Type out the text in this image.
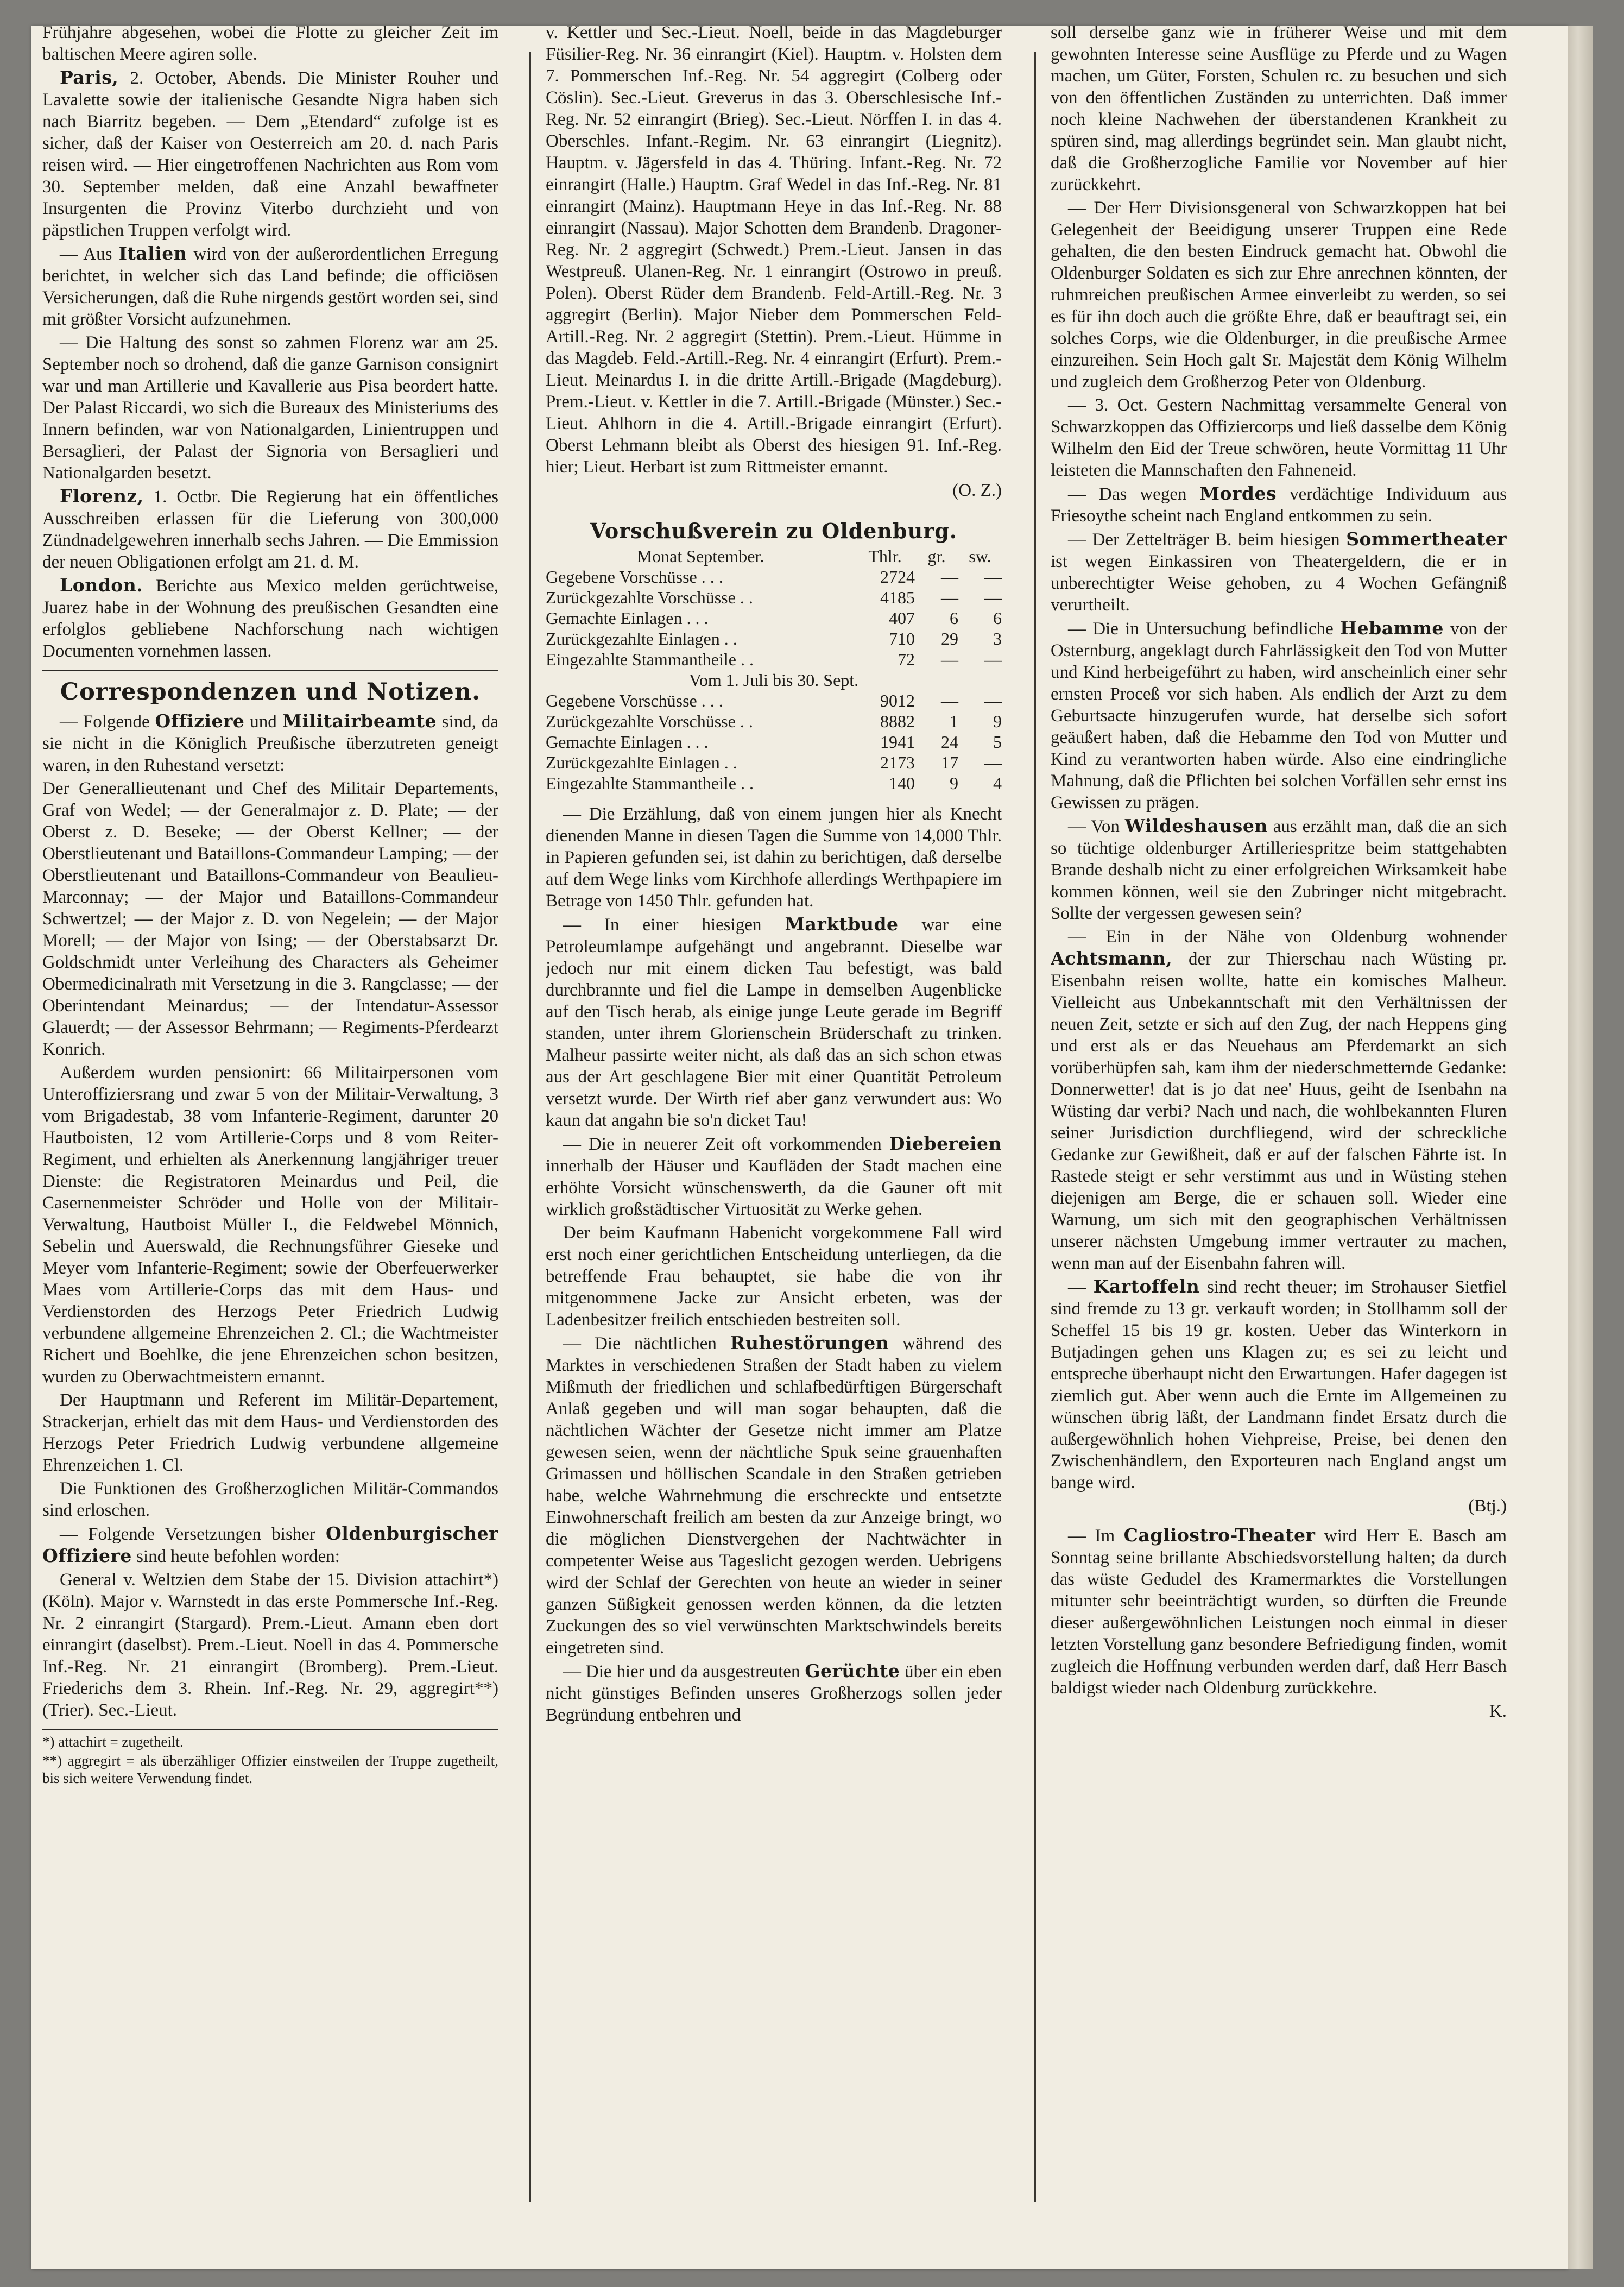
Frühjahre abgesehen, wobei die Flotte zu gleicher Zeit im baltischen Meere agiren solle.

Paris, 2. October, Abends. Die Minister Rouher und Lavalette sowie der italienische Gesandte Nigra haben sich nach Biarritz begeben. — Dem „Etendard“ zufolge ist es sicher, daß der Kaiser von Oesterreich am 20. d. nach Paris reisen wird. — Hier eingetroffenen Nachrichten aus Rom vom 30. September melden, daß eine Anzahl bewaffneter Insurgenten die Provinz Viterbo durchzieht und von päpstlichen Truppen verfolgt wird.

— Aus Italien wird von der außerordentlichen Erregung berichtet, in welcher sich das Land befinde; die officiösen Versicherungen, daß die Ruhe nirgends gestört worden sei, sind mit größter Vorsicht aufzunehmen.

— Die Haltung des sonst so zahmen Florenz war am 25. September noch so drohend, daß die ganze Garnison consignirt war und man Artillerie und Kavallerie aus Pisa beordert hatte. Der Palast Riccardi, wo sich die Bureaux des Ministeriums des Innern befinden, war von Nationalgarden, Linientruppen und Bersaglieri, der Palast der Signoria von Bersaglieri und Nationalgarden besetzt.

Florenz, 1. Octbr. Die Regierung hat ein öffentliches Ausschreiben erlassen für die Lieferung von 300,000 Zündnadelgewehren innerhalb sechs Jahren. — Die Emmission der neuen Obligationen erfolgt am 21. d. M.

London. Berichte aus Mexico melden gerüchtweise, Juarez habe in der Wohnung des preußischen Gesandten eine erfolglos gebliebene Nachforschung nach wichtigen Documenten vornehmen lassen.

Correspondenzen und Notizen.

— Folgende Offiziere und Militairbeamte sind, da sie nicht in die Königlich Preußische überzutreten geneigt waren, in den Ruhestand versetzt:

Der Generallieutenant und Chef des Militair Departements, Graf von Wedel; — der Generalmajor z. D. Plate; — der Oberst z. D. Beseke; — der Oberst Kellner; — der Oberstlieutenant und Bataillons-Commandeur Lamping; — der Oberstlieutenant und Bataillons-Commandeur von Beaulieu-Marconnay; — der Major und Bataillons-Commandeur Schwertzel; — der Major z. D. von Negelein; — der Major Morell; — der Major von Ising; — der Oberstabsarzt Dr. Goldschmidt unter Verleihung des Characters als Geheimer Obermedicinalrath mit Versetzung in die 3. Rangclasse; — der Oberintendant Meinardus; — der Intendatur-Assessor Glauerdt; — der Assessor Behrmann; — Regiments-Pferdearzt Konrich.

Außerdem wurden pensionirt: 66 Militairpersonen vom Unteroffiziersrang und zwar 5 von der Militair-Verwaltung, 3 vom Brigadestab, 38 vom Infanterie-Regiment, darunter 20 Hautboisten, 12 vom Artillerie-Corps und 8 vom Reiter-Regiment, und erhielten als Anerkennung langjähriger treuer Dienste: die Registratoren Meinardus und Peil, die Casernenmeister Schröder und Holle von der Militair-Verwaltung, Hautboist Müller I., die Feldwebel Mönnich, Sebelin und Auerswald, die Rechnungsführer Gieseke und Meyer vom Infanterie-Regiment; sowie der Oberfeuerwerker Maes vom Artillerie-Corps das mit dem Haus- und Verdienstorden des Herzogs Peter Friedrich Ludwig verbundene allgemeine Ehrenzeichen 2. Cl.; die Wachtmeister Richert und Boehlke, die jene Ehrenzeichen schon besitzen, wurden zu Oberwachtmeistern ernannt.

Der Hauptmann und Referent im Militär-Departement, Strackerjan, erhielt das mit dem Haus- und Verdienstorden des Herzogs Peter Friedrich Ludwig verbundene allgemeine Ehrenzeichen 1. Cl.

Die Funktionen des Großherzoglichen Militär-Commandos sind erloschen.

— Folgende Versetzungen bisher Oldenburgischer Offiziere sind heute befohlen worden:

General v. Weltzien dem Stabe der 15. Division attachirt*) (Köln). Major v. Warnstedt in das erste Pommersche Inf.-Reg. Nr. 2 einrangirt (Stargard). Prem.-Lieut. Amann eben dort einrangirt (daselbst). Prem.-Lieut. Noell in das 4. Pommersche Inf.-Reg. Nr. 21 einrangirt (Bromberg). Prem.-Lieut. Friederichs dem 3. Rhein. Inf.-Reg. Nr. 29, aggregirt**) (Trier). Sec.-Lieut.

*) attachirt = zugetheilt.

**) aggregirt = als überzähliger Offizier einstweilen der Truppe zugetheilt, bis sich weitere Verwendung findet.

v. Kettler und Sec.-Lieut. Noell, beide in das Magdeburger Füsilier-Reg. Nr. 36 einrangirt (Kiel). Hauptm. v. Holsten dem 7. Pommerschen Inf.-Reg. Nr. 54 aggregirt (Colberg oder Cöslin). Sec.-Lieut. Greverus in das 3. Oberschlesische Inf.-Reg. Nr. 52 einrangirt (Brieg). Sec.-Lieut. Nörffen I. in das 4. Oberschles. Infant.-Regim. Nr. 63 einrangirt (Liegnitz). Hauptm. v. Jägersfeld in das 4. Thüring. Infant.-Reg. Nr. 72 einrangirt (Halle.) Hauptm. Graf Wedel in das Inf.-Reg. Nr. 81 einrangirt (Mainz). Hauptmann Heye in das Inf.-Reg. Nr. 88 einrangirt (Nassau). Major Schotten dem Brandenb. Dragoner-Reg. Nr. 2 aggregirt (Schwedt.) Prem.-Lieut. Jansen in das Westpreuß. Ulanen-Reg. Nr. 1 einrangirt (Ostrowo in preuß. Polen). Oberst Rüder dem Brandenb. Feld-Artill.-Reg. Nr. 3 aggregirt (Berlin). Major Nieber dem Pommerschen Feld-Artill.-Reg. Nr. 2 aggregirt (Stettin). Prem.-Lieut. Hümme in das Magdeb. Feld.-Artill.-Reg. Nr. 4 einrangirt (Erfurt). Prem.-Lieut. Meinardus I. in die dritte Artill.-Brigade (Magdeburg). Prem.-Lieut. v. Kettler in die 7. Artill.-Brigade (Münster.) Sec.-Lieut. Ahlhorn in die 4. Artill.-Brigade einrangirt (Erfurt). Oberst Lehmann bleibt als Oberst des hiesigen 91. Inf.-Reg. hier; Lieut. Herbart ist zum Rittmeister ernannt.

(O. Z.)

Vorschußverein zu Oldenburg.
Monat September.	Thlr.	gr.	sw.
Gegebene Vorschüsse . . .	2724	—	—
Zurückgezahlte Vorschüsse . .	4185	—	—
Gemachte Einlagen . . .	407	6	6
Zurückgezahlte Einlagen . .	710	29	3
Eingezahlte Stammantheile . .	72	—	—
Vom 1. Juli bis 30. Sept.			
Gegebene Vorschüsse . . .	9012	—	—
Zurückgezahlte Vorschüsse . .	8882	1	9
Gemachte Einlagen . . .	1941	24	5
Zurückgezahlte Einlagen . .	2173	17	—
Eingezahlte Stammantheile . .	140	9	4

— Die Erzählung, daß von einem jungen hier als Knecht dienenden Manne in diesen Tagen die Summe von 14,000 Thlr. in Papieren gefunden sei, ist dahin zu berichtigen, daß derselbe auf dem Wege links vom Kirchhofe allerdings Werthpapiere im Betrage von 1450 Thlr. gefunden hat.

— In einer hiesigen Marktbude war eine Petroleumlampe aufgehängt und angebrannt. Dieselbe war jedoch nur mit einem dicken Tau befestigt, was bald durchbrannte und fiel die Lampe in demselben Augenblicke auf den Tisch herab, als einige junge Leute gerade im Begriff standen, unter ihrem Glorienschein Brüderschaft zu trinken. Malheur passirte weiter nicht, als daß das an sich schon etwas aus der Art geschlagene Bier mit einer Quantität Petroleum versetzt wurde. Der Wirth rief aber ganz verwundert aus: Wo kaun dat angahn bie so'n dicket Tau!

— Die in neuerer Zeit oft vorkommenden Diebereien innerhalb der Häuser und Kaufläden der Stadt machen eine erhöhte Vorsicht wünschenswerth, da die Gauner oft mit wirklich großstädtischer Virtuosität zu Werke gehen.

Der beim Kaufmann Habenicht vorgekommene Fall wird erst noch einer gerichtlichen Entscheidung unterliegen, da die betreffende Frau behauptet, sie habe die von ihr mitgenommene Jacke zur Ansicht erbeten, was der Ladenbesitzer freilich entschieden bestreiten soll.

— Die nächtlichen Ruhestörungen während des Marktes in verschiedenen Straßen der Stadt haben zu vielem Mißmuth der friedlichen und schlafbedürftigen Bürgerschaft Anlaß gegeben und will man sogar behaupten, daß die nächtlichen Wächter der Gesetze nicht immer am Platze gewesen seien, wenn der nächtliche Spuk seine grauenhaften Grimassen und höllischen Scandale in den Straßen getrieben habe, welche Wahrnehmung die erschreckte und entsetzte Einwohnerschaft freilich am besten da zur Anzeige bringt, wo die möglichen Dienstvergehen der Nachtwächter in competenter Weise aus Tageslicht gezogen werden. Uebrigens wird der Schlaf der Gerechten von heute an wieder in seiner ganzen Süßigkeit genossen werden können, da die letzten Zuckungen des so viel verwünschten Marktschwindels bereits eingetreten sind.

— Die hier und da ausgestreuten Gerüchte über ein eben nicht günstiges Befinden unseres Großherzogs sollen jeder Begründung entbehren und

soll derselbe ganz wie in früherer Weise und mit dem gewohnten Interesse seine Ausflüge zu Pferde und zu Wagen machen, um Güter, Forsten, Schulen rc. zu besuchen und sich von den öffentlichen Zuständen zu unterrichten. Daß immer noch kleine Nachwehen der überstandenen Krankheit zu spüren sind, mag allerdings begründet sein. Man glaubt nicht, daß die Großherzogliche Familie vor November auf hier zurückkehrt.

— Der Herr Divisionsgeneral von Schwarzkoppen hat bei Gelegenheit der Beeidigung unserer Truppen eine Rede gehalten, die den besten Eindruck gemacht hat. Obwohl die Oldenburger Soldaten es sich zur Ehre anrechnen könnten, der ruhmreichen preußischen Armee einverleibt zu werden, so sei es für ihn doch auch die größte Ehre, daß er beauftragt sei, ein solches Corps, wie die Oldenburger, in die preußische Armee einzureihen. Sein Hoch galt Sr. Majestät dem König Wilhelm und zugleich dem Großherzog Peter von Oldenburg.

— 3. Oct. Gestern Nachmittag versammelte General von Schwarzkoppen das Offiziercorps und ließ dasselbe dem König Wilhelm den Eid der Treue schwören, heute Vormittag 11 Uhr leisteten die Mannschaften den Fahneneid.

— Das wegen Mordes verdächtige Individuum aus Friesoythe scheint nach England entkommen zu sein.

— Der Zettelträger B. beim hiesigen Sommertheater ist wegen Einkassiren von Theatergeldern, die er in unberechtigter Weise gehoben, zu 4 Wochen Gefängniß verurtheilt.

— Die in Untersuchung befindliche Hebamme von der Osternburg, angeklagt durch Fahrlässigkeit den Tod von Mutter und Kind herbeigeführt zu haben, wird anscheinlich einer sehr ernsten Proceß vor sich haben. Als endlich der Arzt zu dem Geburtsacte hinzugerufen wurde, hat derselbe sich sofort geäußert haben, daß die Hebamme den Tod von Mutter und Kind zu verantworten haben würde. Also eine eindringliche Mahnung, daß die Pflichten bei solchen Vorfällen sehr ernst ins Gewissen zu prägen.

— Von Wildeshausen aus erzählt man, daß die an sich so tüchtige oldenburger Artilleriespritze beim stattgehabten Brande deshalb nicht zu einer erfolgreichen Wirksamkeit habe kommen können, weil sie den Zubringer nicht mitgebracht. Sollte der vergessen gewesen sein?

— Ein in der Nähe von Oldenburg wohnender Achtsmann, der zur Thierschau nach Wüsting pr. Eisenbahn reisen wollte, hatte ein komisches Malheur. Vielleicht aus Unbekanntschaft mit den Verhältnissen der neuen Zeit, setzte er sich auf den Zug, der nach Heppens ging und erst als er das Neuehaus am Pferdemarkt an sich vorüberhüpfen sah, kam ihm der niederschmetternde Gedanke: Donnerwetter! dat is jo dat nee' Huus, geiht de Isenbahn na Wüsting dar verbi? Nach und nach, die wohlbekannten Fluren seiner Jurisdiction durchfliegend, wird der schreckliche Gedanke zur Gewißheit, daß er auf der falschen Fährte ist. In Rastede steigt er sehr verstimmt aus und in Wüsting stehen diejenigen am Berge, die er schauen soll. Wieder eine Warnung, um sich mit den geographischen Verhältnissen unserer nächsten Umgebung immer vertrauter zu machen, wenn man auf der Eisenbahn fahren will.

— Kartoffeln sind recht theuer; im Strohauser Sietfiel sind fremde zu 13 gr. verkauft worden; in Stollhamm soll der Scheffel 15 bis 19 gr. kosten. Ueber das Winterkorn in Butjadingen gehen uns Klagen zu; es sei zu leicht und entspreche überhaupt nicht den Erwartungen. Hafer dagegen ist ziemlich gut. Aber wenn auch die Ernte im Allgemeinen zu wünschen übrig läßt, der Landmann findet Ersatz durch die außergewöhnlich hohen Viehpreise, Preise, bei denen den Zwischenhändlern, den Exporteuren nach England angst um bange wird.

(Btj.)

— Im Cagliostro-Theater wird Herr E. Basch am Sonntag seine brillante Abschiedsvorstellung halten; da durch das wüste Gedudel des Kramermarktes die Vorstellungen mitunter sehr beeinträchtigt wurden, so dürften die Freunde dieser außergewöhnlichen Leistungen noch einmal in dieser letzten Vorstellung ganz besondere Befriedigung finden, womit zugleich die Hoffnung verbunden werden darf, daß Herr Basch baldigst wieder nach Oldenburg zurückkehre.

K.
